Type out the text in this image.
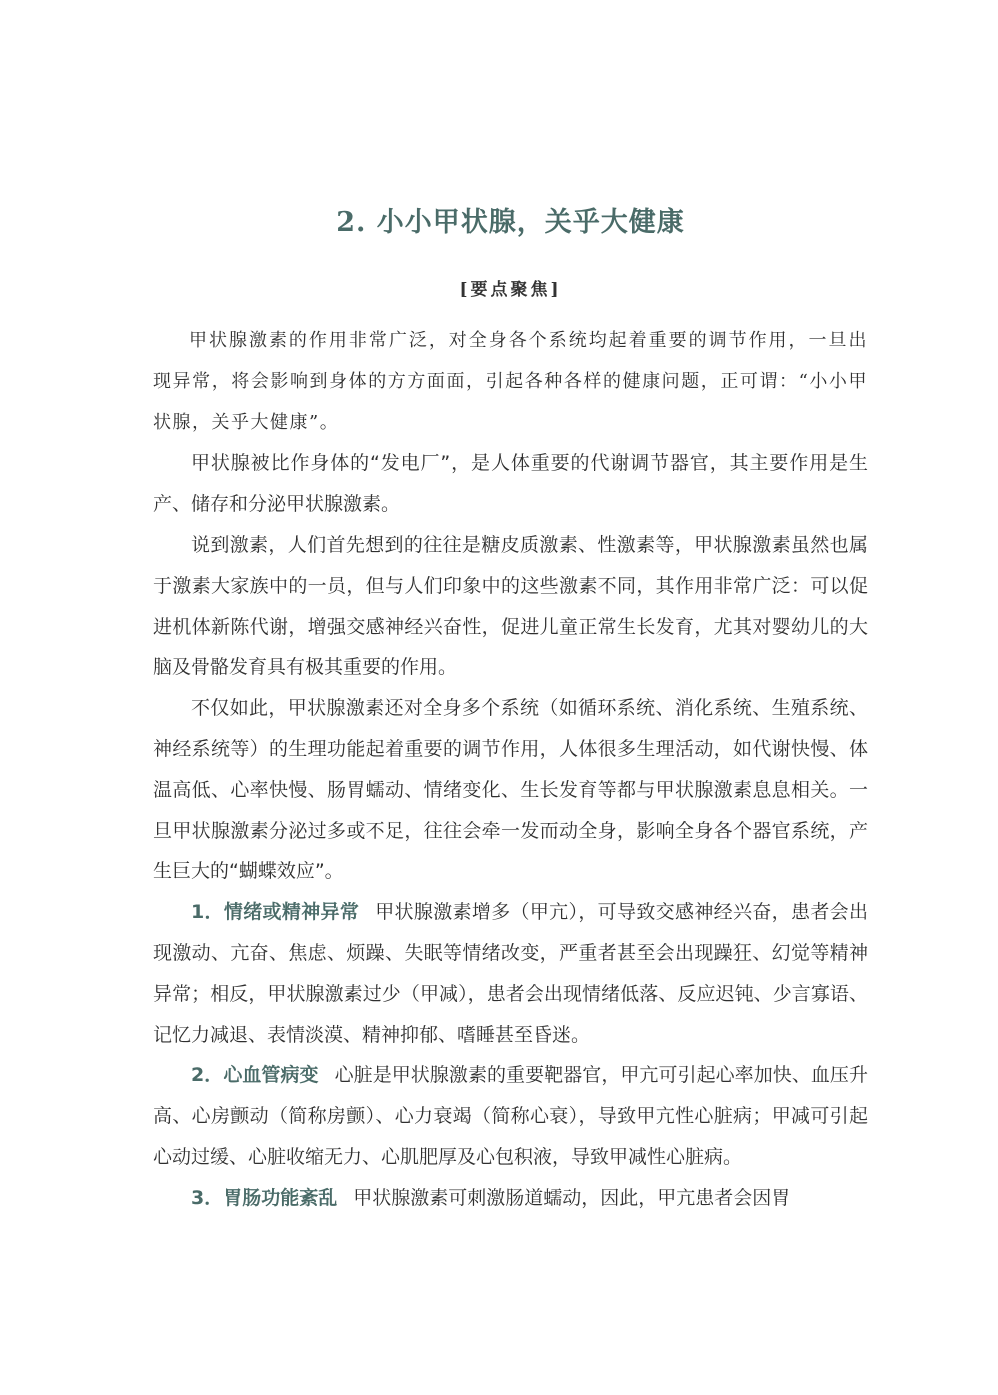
2. 小小甲状腺，关乎大健康
[要点聚焦]

甲状腺激素的作用非常广泛，对全身各个系统均起着重要的调节作用，一旦出现异常，将会影响到身体的方方面面，引起各种各样的健康问题，正可谓：“小小甲状腺，关乎大健康”。

甲状腺被比作身体的“发电厂”，是人体重要的代谢调节器官，其主要作用是生产、储存和分泌甲状腺激素。

说到激素，人们首先想到的往往是糖皮质激素、性激素等，甲状腺激素虽然也属于激素大家族中的一员，但与人们印象中的这些激素不同，其作用非常广泛：可以促进机体新陈代谢，增强交感神经兴奋性，促进儿童正常生长发育，尤其对婴幼儿的大脑及骨骼发育具有极其重要的作用。

不仅如此，甲状腺激素还对全身多个系统（如循环系统、消化系统、生殖系统、神经系统等）的生理功能起着重要的调节作用，人体很多生理活动，如代谢快慢、体温高低、心率快慢、肠胃蠕动、情绪变化、生长发育等都与甲状腺激素息息相关。一旦甲状腺激素分泌过多或不足，往往会牵一发而动全身，影响全身各个器官系统，产生巨大的“蝴蝶效应”。

1．情绪或精神异常 甲状腺激素增多（甲亢），可导致交感神经兴奋，患者会出现激动、亢奋、焦虑、烦躁、失眠等情绪改变，严重者甚至会出现躁狂、幻觉等精神异常；相反，甲状腺激素过少（甲减），患者会出现情绪低落、反应迟钝、少言寡语、记忆力减退、表情淡漠、精神抑郁、嗜睡甚至昏迷。

2．心血管病变 心脏是甲状腺激素的重要靶器官，甲亢可引起心率加快、血压升高、心房颤动（简称房颤）、心力衰竭（简称心衰），导致甲亢性心脏病；甲减可引起心动过缓、心脏收缩无力、心肌肥厚及心包积液，导致甲减性心脏病。

3．胃肠功能紊乱 甲状腺激素可刺激肠道蠕动，因此，甲亢患者会因胃
